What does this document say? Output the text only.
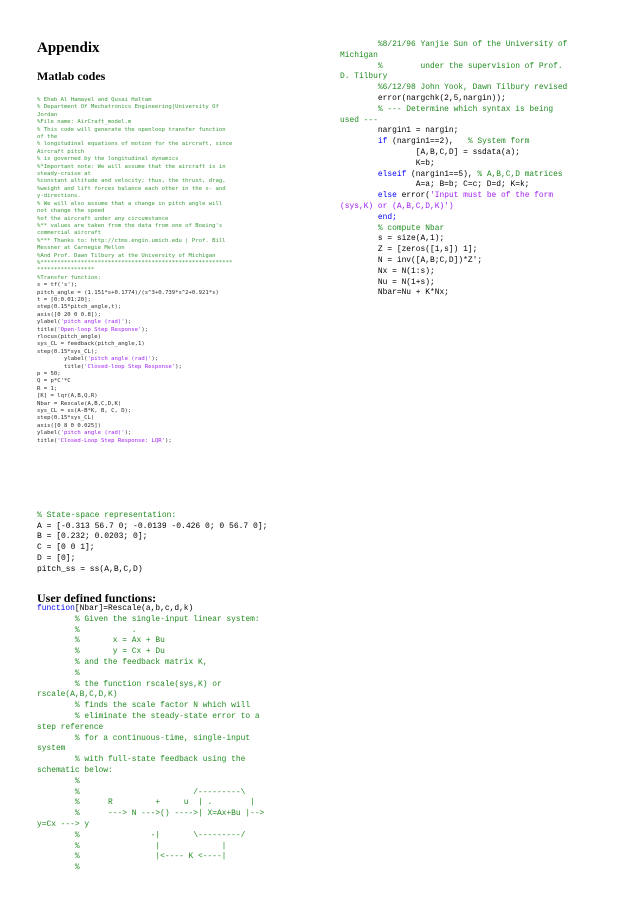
Appendix
Matlab codes
% Ehab Al Hamayel and Qusai Haltam
% Department Of Mechatronics Engineering|University Of
Jordan
%File name: AirCraft_model.m
% This code will generate the openloop transfer function
of the
% longitudinal equations of motion for the aircraft, since
Aircraft pitch
% is governed by the longitudinal dynamics
%*Important note: We will assume that the aircraft is in
steady-cruise at
%constant altitude and velocity; thus, the thrust, drag,
%weight and lift forces balance each other in the x- and
y-directions.
% We will also assume that a change in pitch angle will
not change the speed
%of the aircraft under any circumstance
%** values are taken from the data from one of Boeing's
commercial aircraft
%*** Thanks to: http://ctms.engin.umich.edu | Prof. Bill
Messner at Carnegie Mellon
%And Prof. Dawn Tilbury at the University of Michigan
%*********************************************************
*****************
%Transfer function:
s = tf('s');
pitch_angle = (1.151*s+0.1774)/(s^3+0.739*s^2+0.921*s)
t = [0:0.01:20];
step(0.15*pitch_angle,t);
axis([0 20 0 0.8]);
ylabel('pitch angle (rad)');
title('Open-loop Step Response');
rlocus(pitch_angle)
sys_CL = feedback(pitch_angle,1)
step(0.15*sys_CL);
ylabel('pitch angle (rad)');
title('Closed-loop Step Response');
p = 50;
Q = p*C'*C
R = 1;
[K] = lqr(A,B,Q,R)
Nbar = Rescale(A,B,C,D,K)
sys_CL = ss(A-B*K, B, C, D);
step(0.15*sys_CL)
axis([0 8 0 0.025])
ylabel('pitch angle (rad)');
title('Closed-Loop Step Response: LQR');
% State-space representation:
A = [-0.313 56.7 0; -0.0139 -0.426 0; 0 56.7 0];
B = [0.232; 0.0203; 0];
C = [0 0 1];
D = [0];
pitch_ss = ss(A,B,C,D)
User defined functions:
function[Nbar]=Rescale(a,b,c,d,k)
% Given the single-input linear system:
%           .
%       x = Ax + Bu
%       y = Cx + Du
% and the feedback matrix K,
%
% the function rscale(sys,K) or
rscale(A,B,C,D,K)
% finds the scale factor N which will
% eliminate the steady-state error to a
step reference
% for a continuous-time, single-input
system
% with full-state feedback using the
schematic below:
%
%                        /---------\
%      R         +     u  | .        |
%      ---> N --->() ---->| X=Ax+Bu |-->
y=Cx ---> y
%               -|       \---------/
%                |             |
%                |<---- K <----|
%
%8/21/96 Yanjie Sun of the University of
Michigan
%        under the supervision of Prof.
D. Tilbury
%6/12/98 John Yook, Dawn Tilbury revised
error(nargchk(2,5,nargin));
% --- Determine which syntax is being
used ---
nargin1 = nargin;
if (nargin1==2),   % System form
[A,B,C,D] = ssdata(a);
K=b;
elseif (nargin1==5), % A,B,C,D matrices
A=a; B=b; C=c; D=d; K=k;
else error('Input must be of the form
(sys,K) or (A,B,C,D,K)')
end;
% compute Nbar
s = size(A,1);
Z = [zeros([1,s]) 1];
N = inv([A,B;C,D])*Z';
Nx = N(1:s);
Nu = N(1+s);
Nbar=Nu + K*Nx;
